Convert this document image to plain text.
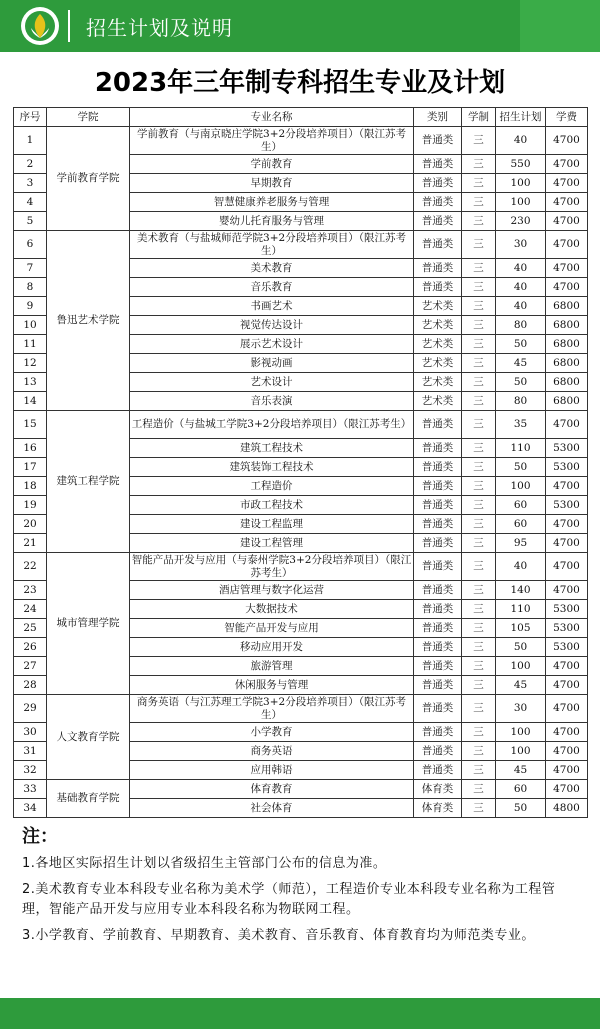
招生计划及说明
2023年三年制专科招生专业及计划
序号	学院	专业名称	类别	学制	招生计划	学费
1	学前教育学院	学前教育（与南京晓庄学院3+2分段培养项目）（限江苏考生）	普通类	三	40	4700
2		学前教育	普通类	三	550	4700
3		早期教育	普通类	三	100	4700
4		智慧健康养老服务与管理	普通类	三	100	4700
5		婴幼儿托育服务与管理	普通类	三	230	4700
6	鲁迅艺术学院	美术教育（与盐城师范学院3+2分段培养项目）（限江苏考生）	普通类	三	30	4700
7		美术教育	普通类	三	40	4700
8		音乐教育	普通类	三	40	4700
9		书画艺术	艺术类	三	40	6800
10		视觉传达设计	艺术类	三	80	6800
11		展示艺术设计	艺术类	三	50	6800
12		影视动画	艺术类	三	45	6800
13		艺术设计	艺术类	三	50	6800
14		音乐表演	艺术类	三	80	6800
15	建筑工程学院	工程造价（与盐城工学院3+2分段培养项目）（限江苏考生）	普通类	三	35	4700
16		建筑工程技术	普通类	三	110	5300
17		建筑装饰工程技术	普通类	三	50	5300
18		工程造价	普通类	三	100	4700
19		市政工程技术	普通类	三	60	5300
20		建设工程监理	普通类	三	60	4700
21		建设工程管理	普通类	三	95	4700
22	城市管理学院	智能产品开发与应用（与泰州学院3+2分段培养项目）（限江苏考生）	普通类	三	40	4700
23		酒店管理与数字化运营	普通类	三	140	4700
24		大数据技术	普通类	三	110	5300
25		智能产品开发与应用	普通类	三	105	5300
26		移动应用开发	普通类	三	50	5300
27		旅游管理	普通类	三	100	4700
28		休闲服务与管理	普通类	三	45	4700
29	人文教育学院	商务英语（与江苏理工学院3+2分段培养项目）（限江苏考生）	普通类	三	30	4700
30		小学教育	普通类	三	100	4700
31		商务英语	普通类	三	100	4700
32		应用韩语	普通类	三	45	4700
33	基础教育学院	体育教育	体育类	三	60	4700
34		社会体育	体育类	三	50	4800
注：
1.各地区实际招生计划以省级招生主管部门公布的信息为准。
2.美术教育专业本科段专业名称为美术学（师范），工程造价专业本科段专业名称为工程管理，智能产品开发与应用专业本科段名称为物联网工程。
3.小学教育、学前教育、早期教育、美术教育、音乐教育、体育教育均为师范类专业。
